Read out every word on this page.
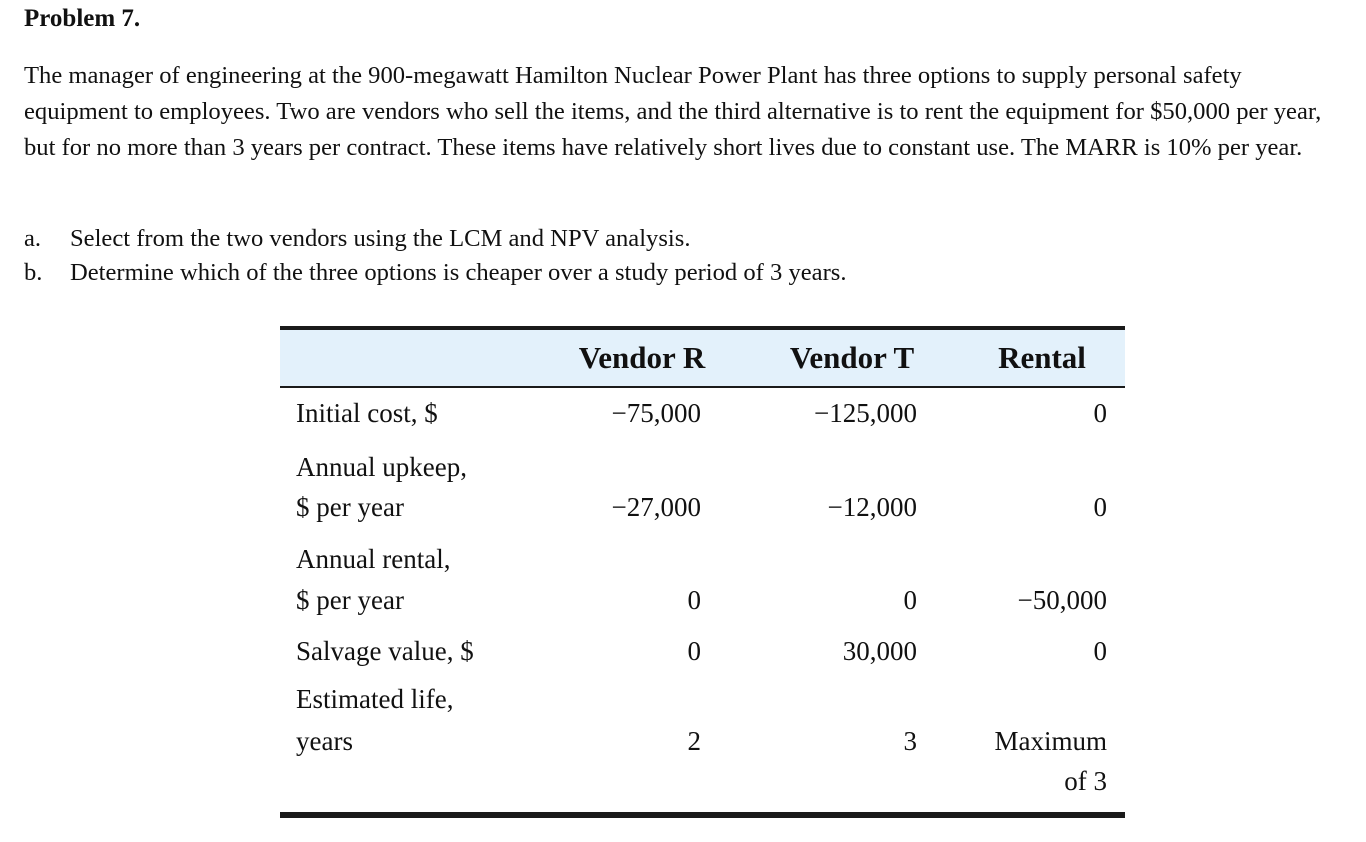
Problem 7.
The manager of engineering at the 900-megawatt Hamilton Nuclear Power Plant has three options to supply personal safety equipment to employees. Two are vendors who sell the items, and the third alternative is to rent the equipment for $50,000 per year, but for no more than 3 years per contract. These items have relatively short lives due to constant use. The MARR is 10% per year.
a.	Select from the two vendors using the LCM and NPV analysis.
b.	Determine which of the three options is cheaper over a study period of 3 years.
Vendor R	Vendor T	Rental
Initial cost, $	−75,000	−125,000	0
Annual upkeep,
$ per year	−27,000	−12,000	0
Annual rental,
$ per year	0	0	−50,000
Salvage value, $	0	30,000	0
Estimated life,
years	2	3	Maximum
of 3
